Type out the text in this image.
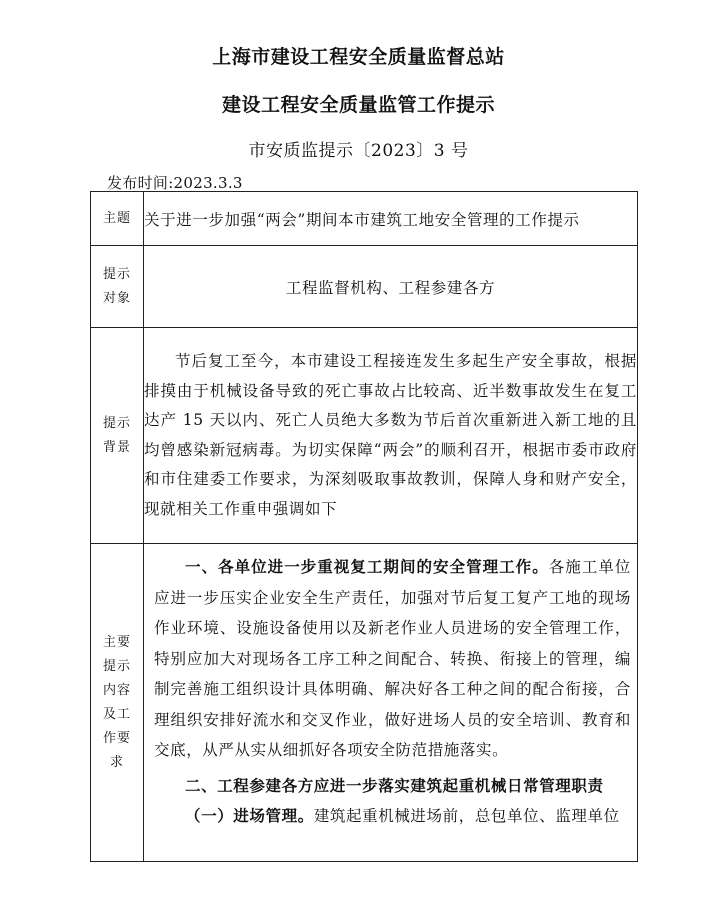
上海市建设工程安全质量监督总站
建设工程安全质量监管工作提示
市安质监提示〔2023〕3 号
发布时间:2023.3.3
主题	关于进一步加强“两会”期间本市建筑工地安全管理的工作提示
提示对象	工程监督机构、工程参建各方
提示背景	节后复工至今，本市建设工程接连发生多起生产安全事故，根据排摸由于机械设备导致的死亡事故占比较高、近半数事故发生在复工达产 15 天以内、死亡人员绝大多数为节后首次重新进入新工地的且均曾感染新冠病毒。为切实保障“两会”的顺利召开，根据市委市政府和市住建委工作要求，为深刻吸取事故教训，保障人身和财产安全，现就相关工作重申强调如下
主要提示内容及工作要求	一、各单位进一步重视复工期间的安全管理工作。各施工单位应进一步压实企业安全生产责任，加强对节后复工复产工地的现场作业环境、设施设备使用以及新老作业人员进场的安全管理工作，特别应加大对现场各工序工种之间配合、转换、衔接上的管理，编制完善施工组织设计具体明确、解决好各工种之间的配合衔接，合理组织安排好流水和交叉作业，做好进场人员的安全培训、教育和交底，从严从实从细抓好各项安全防范措施落实。

二、工程参建各方应进一步落实建筑起重机械日常管理职责

（一）进场管理。建筑起重机械进场前，总包单位、监理单位
